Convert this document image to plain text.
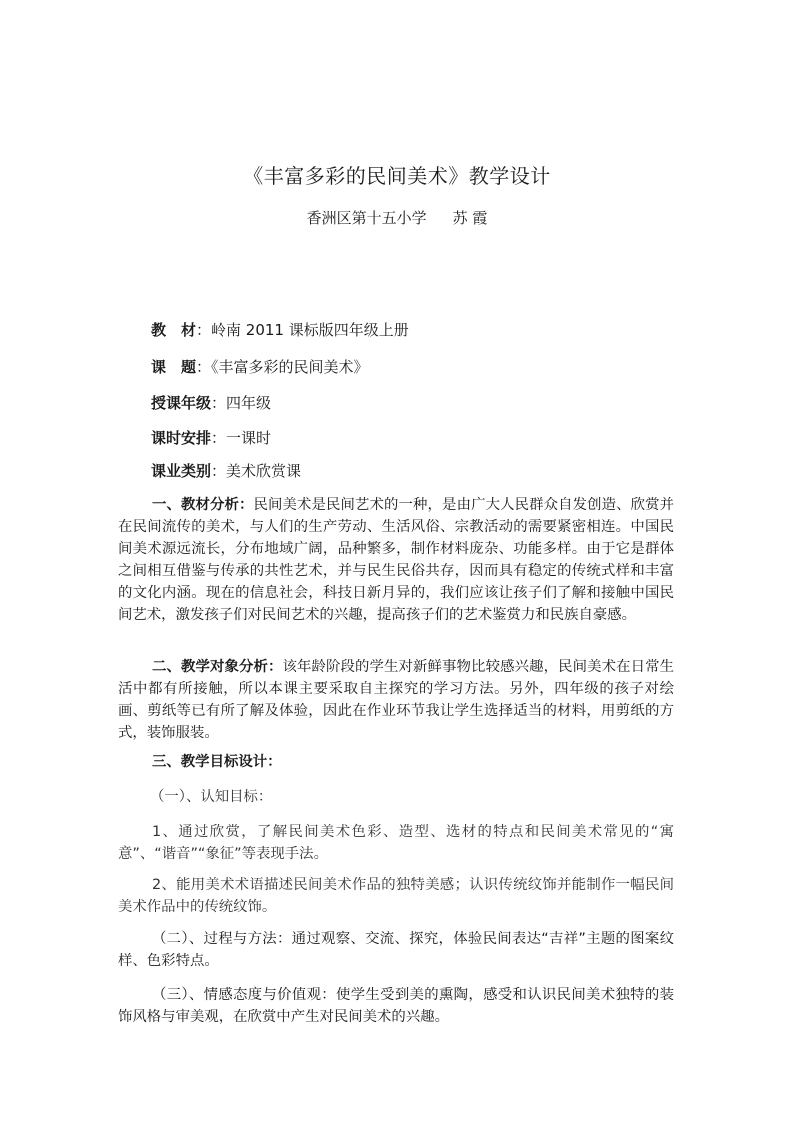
《丰富多彩的民间美术》教学设计
香洲区第十五小学 苏 霞
教　材：岭南 2011 课标版四年级上册
课　题：《丰富多彩的民间美术》
授课年级：四年级
课时安排：一课时
课业类别：美术欣赏课
一、教材分析：民间美术是民间艺术的一种，是由广大人民群众自发创造、欣赏并在民间流传的美术，与人们的生产劳动、生活风俗、宗教活动的需要紧密相连。中国民间美术源远流长，分布地域广阔，品种繁多，制作材料庞杂、功能多样。由于它是群体之间相互借鉴与传承的共性艺术，并与民生民俗共存，因而具有稳定的传统式样和丰富的文化内涵。现在的信息社会，科技日新月异的，我们应该让孩子们了解和接触中国民间艺术，激发孩子们对民间艺术的兴趣，提高孩子们的艺术鉴赏力和民族自豪感。
二、教学对象分析：该年龄阶段的学生对新鲜事物比较感兴趣，民间美术在日常生活中都有所接触，所以本课主要采取自主探究的学习方法。另外，四年级的孩子对绘画、剪纸等已有所了解及体验，因此在作业环节我让学生选择适当的材料，用剪纸的方式，装饰服装。
三、教学目标设计：
（一）、认知目标：
1、通过欣赏，了解民间美术色彩、造型、选材的特点和民间美术常见的“寓意”、“谐音”“象征”等表现手法。
2、能用美术术语描述民间美术作品的独特美感；认识传统纹饰并能制作一幅民间美术作品中的传统纹饰。
（二）、过程与方法：通过观察、交流、探究，体验民间表达“吉祥”主题的图案纹样、色彩特点。
（三）、情感态度与价值观：使学生受到美的熏陶，感受和认识民间美术独特的装饰风格与审美观，在欣赏中产生对民间美术的兴趣。
